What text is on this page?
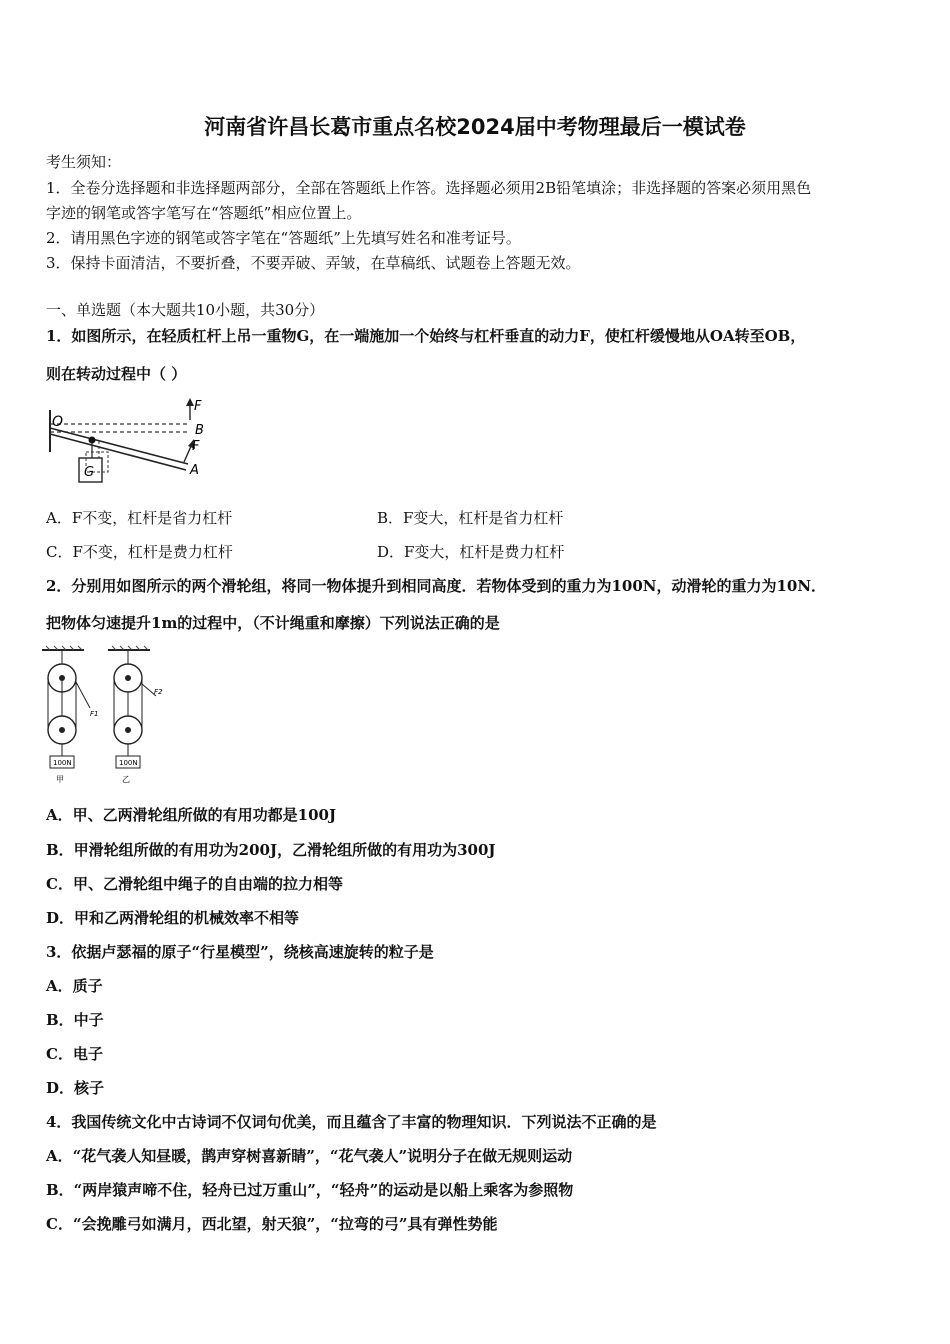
河南省许昌长葛市重点名校2024届中考物理最后一模试卷
考生须知：
1．全卷分选择题和非选择题两部分，全部在答题纸上作答。选择题必须用2B铅笔填涂；非选择题的答案必须用黑色
字迹的钢笔或答字笔写在“答题纸”相应位置上。
2．请用黑色字迹的钢笔或答字笔在“答题纸”上先填写姓名和准考证号。
3．保持卡面清洁，不要折叠，不要弄破、弄皱，在草稿纸、试题卷上答题无效。
一、单选题（本大题共10小题，共30分）
1．如图所示，在轻质杠杆上吊一重物G，在一端施加一个始终与杠杆垂直的动力F，使杠杆缓慢地从OA转至OB，
则在转动过程中（ ）
O
B
A
F
F
G
A．F不变，杠杆是省力杠杆	B．F变大，杠杆是省力杠杆
C．F不变，杠杆是费力杠杆	D．F变大，杠杆是费力杠杆
2．分别用如图所示的两个滑轮组，将同一物体提升到相同高度．若物体受到的重力为100N，动滑轮的重力为10N．
把物体匀速提升1m的过程中，（不计绳重和摩擦）下列说法正确的是
100N
甲
F1
100N
乙
F2
A．甲、乙两滑轮组所做的有用功都是100J
B．甲滑轮组所做的有用功为200J，乙滑轮组所做的有用功为300J
C．甲、乙滑轮组中绳子的自由端的拉力相等
D．甲和乙两滑轮组的机械效率不相等
3．依据卢瑟福的原子“行星模型”，绕核高速旋转的粒子是
A．质子
B．中子
C．电子
D．核子
4．我国传统文化中古诗词不仅词句优美，而且蕴含了丰富的物理知识．下列说法不正确的是
A．“花气袭人知昼暖，鹊声穿树喜新睛”，“花气袭人”说明分子在做无规则运动
B．“两岸猿声啼不住，轻舟已过万重山”，“轻舟”的运动是以船上乘客为参照物
C．“会挽雕弓如满月，西北望，射天狼”，“拉弯的弓”具有弹性势能
